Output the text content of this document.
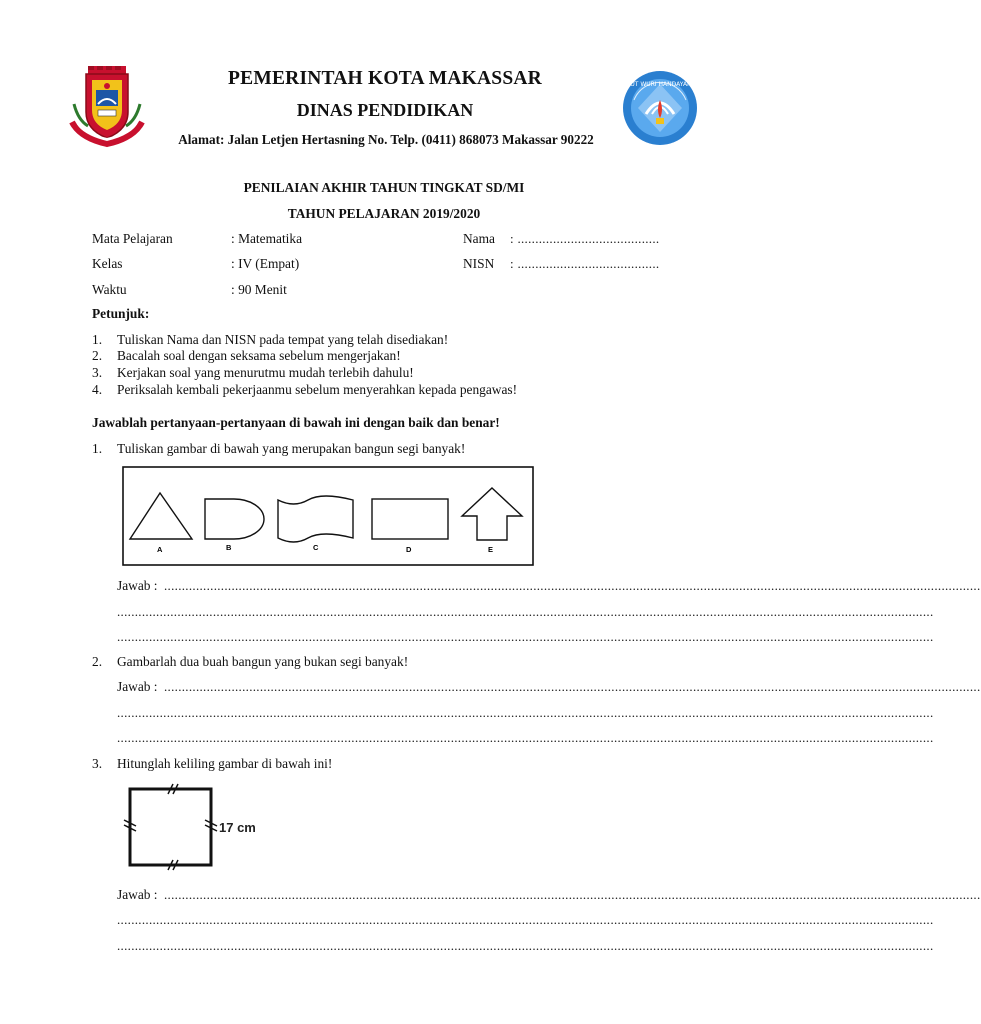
PEMERINTAH KOTA MAKASSAR
DINAS PENDIDIKAN
Alamat: Jalan Letjen Hertasning No. Telp. (0411) 868073 Makassar 90222
TUT WURI HANDAYANI
PENILAIAN AKHIR TAHUN TINGKAT SD/MI
TAHUN PELAJARAN 2019/2020
Mata Pelajaran	: Matematika
Kelas	: IV (Empat)
Waktu	: 90 Menit
Nama : ........................................
NISN : ........................................
Petunjuk:
1. Tuliskan Nama dan NISN pada tempat yang telah disediakan!
2. Bacalah soal dengan seksama sebelum mengerjakan!
3. Kerjakan soal yang menurutmu mudah terlebih dahulu!
4. Periksalah kembali pekerjaanmu sebelum menyerahkan kepada pengawas!
Jawablah pertanyaan-pertanyaan di bawah ini dengan baik dan benar!
1. Tuliskan gambar di bawah yang merupakan bangun segi banyak!
A	B	C	D	E
Jawab : ......................................................................................................................................................................................................................................
......................................................................................................................................................................................................................................
......................................................................................................................................................................................................................................
2. Gambarlah dua buah bangun yang bukan segi banyak!
Jawab : ......................................................................................................................................................................................................................................
......................................................................................................................................................................................................................................
......................................................................................................................................................................................................................................
3. Hitunglah keliling gambar di bawah ini!
17 cm
Jawab : ......................................................................................................................................................................................................................................
......................................................................................................................................................................................................................................
......................................................................................................................................................................................................................................
